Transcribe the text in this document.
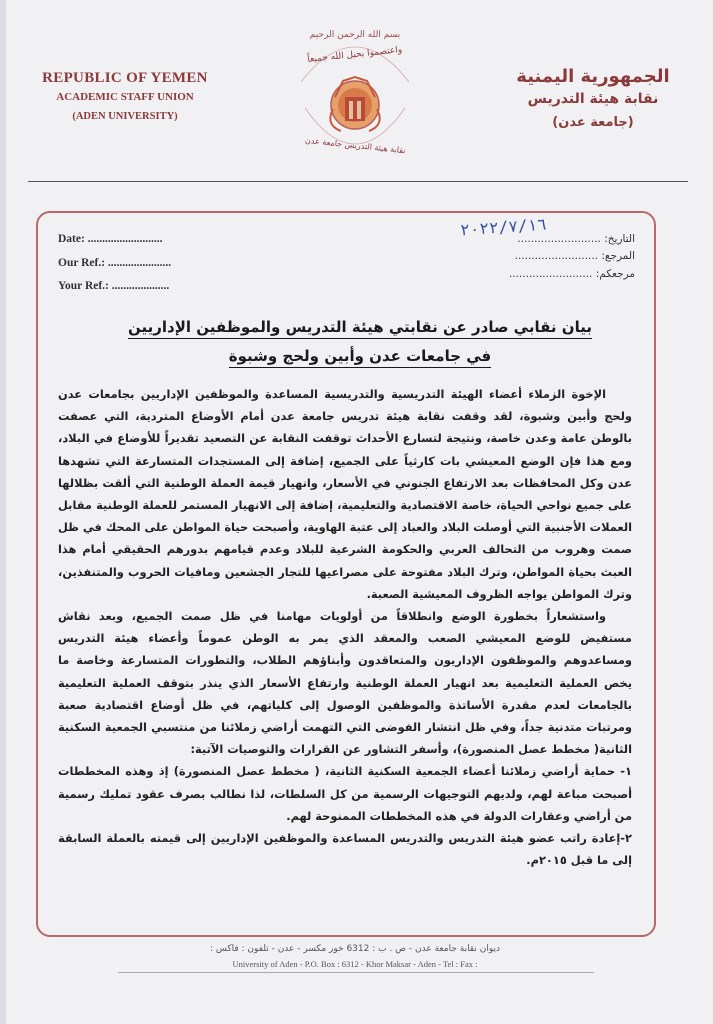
REPUBLIC OF YEMEN
ACADEMIC STAFF UNION
(ADEN UNIVERSITY)
واعتصموا بحبل الله جميعاً
نقابة هيئة التدريس جامعة عدن
بسم الله الرحمن الرحيم
الجمهورية اليمنية
نقابة هيئة التدريس
(جامعة عدن)
Date: ..........................
Our Ref.: ......................
Your Ref.: ....................
التاريخ: .........................
المرجع: .........................
مرجعكم: .........................
٢٠٢٢/٧/١٦
بيان نقابي صادر عن نقابتي هيئة التدريس والموظفين الإداريين
في جامعات عدن وأبين ولحج وشبوة

الإخوة الزملاء أعضاء الهيئة التدريسية والتدريسية المساعدة والموظفين الإداريين بجامعات عدن ولحج وأبين وشبوة، لقد وقفت نقابة هيئة تدريس جامعة عدن أمام الأوضاع المتردية، التي عصفت بالوطن عامة وعدن خاصة، ونتيجة لتسارع الأحداث توقفت النقابة عن التصعيد تقديراً للأوضاع في البلاد، ومع هذا فإن الوضع المعيشي بات كارثياً على الجميع، إضافة إلى المستجدات المتسارعة التي تشهدها عدن وكل المحافظات بعد الارتفاع الجنوني في الأسعار، وانهيار قيمة العملة الوطنية التي ألقت بظلالها على جميع نواحي الحياة، خاصة الاقتصادية والتعليمية، إضافة إلى الانهيار المستمر للعملة الوطنية مقابل العملات الأجنبية التي أوصلت البلاد والعباد إلى عتبة الهاوية، وأصبحت حياة المواطن على المحك في ظل صمت وهروب من التحالف العربي والحكومة الشرعية للبلاد وعدم قيامهم بدورهم الحقيقي أمام هذا العبث بحياة المواطن، وترك البلاد مفتوحة على مصراعيها للتجار الجشعين ومافيات الحروب والمتنفذين، وترك المواطن يواجه الظروف المعيشية الصعبة.

واستشعاراً بخطورة الوضع وانطلاقاً من أولويات مهامنا في ظل صمت الجميع، وبعد نقاش مستفيض للوضع المعيشي الصعب والمعقد الذي يمر به الوطن عموماً وأعضاء هيئة التدريس ومساعدوهم والموظفون الإداريون والمتعاقدون وأبناؤهم الطلاب، والتطورات المتسارعة وخاصة ما يخص العملية التعليمية بعد انهيار العملة الوطنية وارتفاع الأسعار الذي ينذر بتوقف العملية التعليمية بالجامعات لعدم مقدرة الأساتذة والموظفين الوصول إلى كلياتهم، في ظل أوضاع اقتصادية صعبة ومرتبات متدنية جداً، وفي ظل انتشار الفوضى التي التهمت أراضي زملائنا من منتسبي الجمعية السكنية الثانية( مخطط عصل المنصورة)، وأسفر التشاور عن القرارات والتوصيات الآتية:

١- حماية أراضي زملائنا أعضاء الجمعية السكنية الثانية، ( مخطط عصل المنصورة) إذ وهذه المخططات أصبحت مباعة لهم، ولديهم التوجيهات الرسمية من كل السلطات، لذا نطالب بصرف عقود تمليك رسمية من أراضي وعقارات الدولة في هذه المخططات الممنوحة لهم.

٢-إعادة راتب عضو هيئة التدريس والتدريس المساعدة والموظفين الإداريين إلى قيمته بالعملة السابقة إلى ما قبل ٢٠١٥م.

ديوان نقابة جامعة عدن - ص . ب : 6312 خور مكسر - عدن - تلفون : فاكس :
University of Aden - P.O. Box : 6312 - Khor Maksar - Aden - Tel : Fax :
